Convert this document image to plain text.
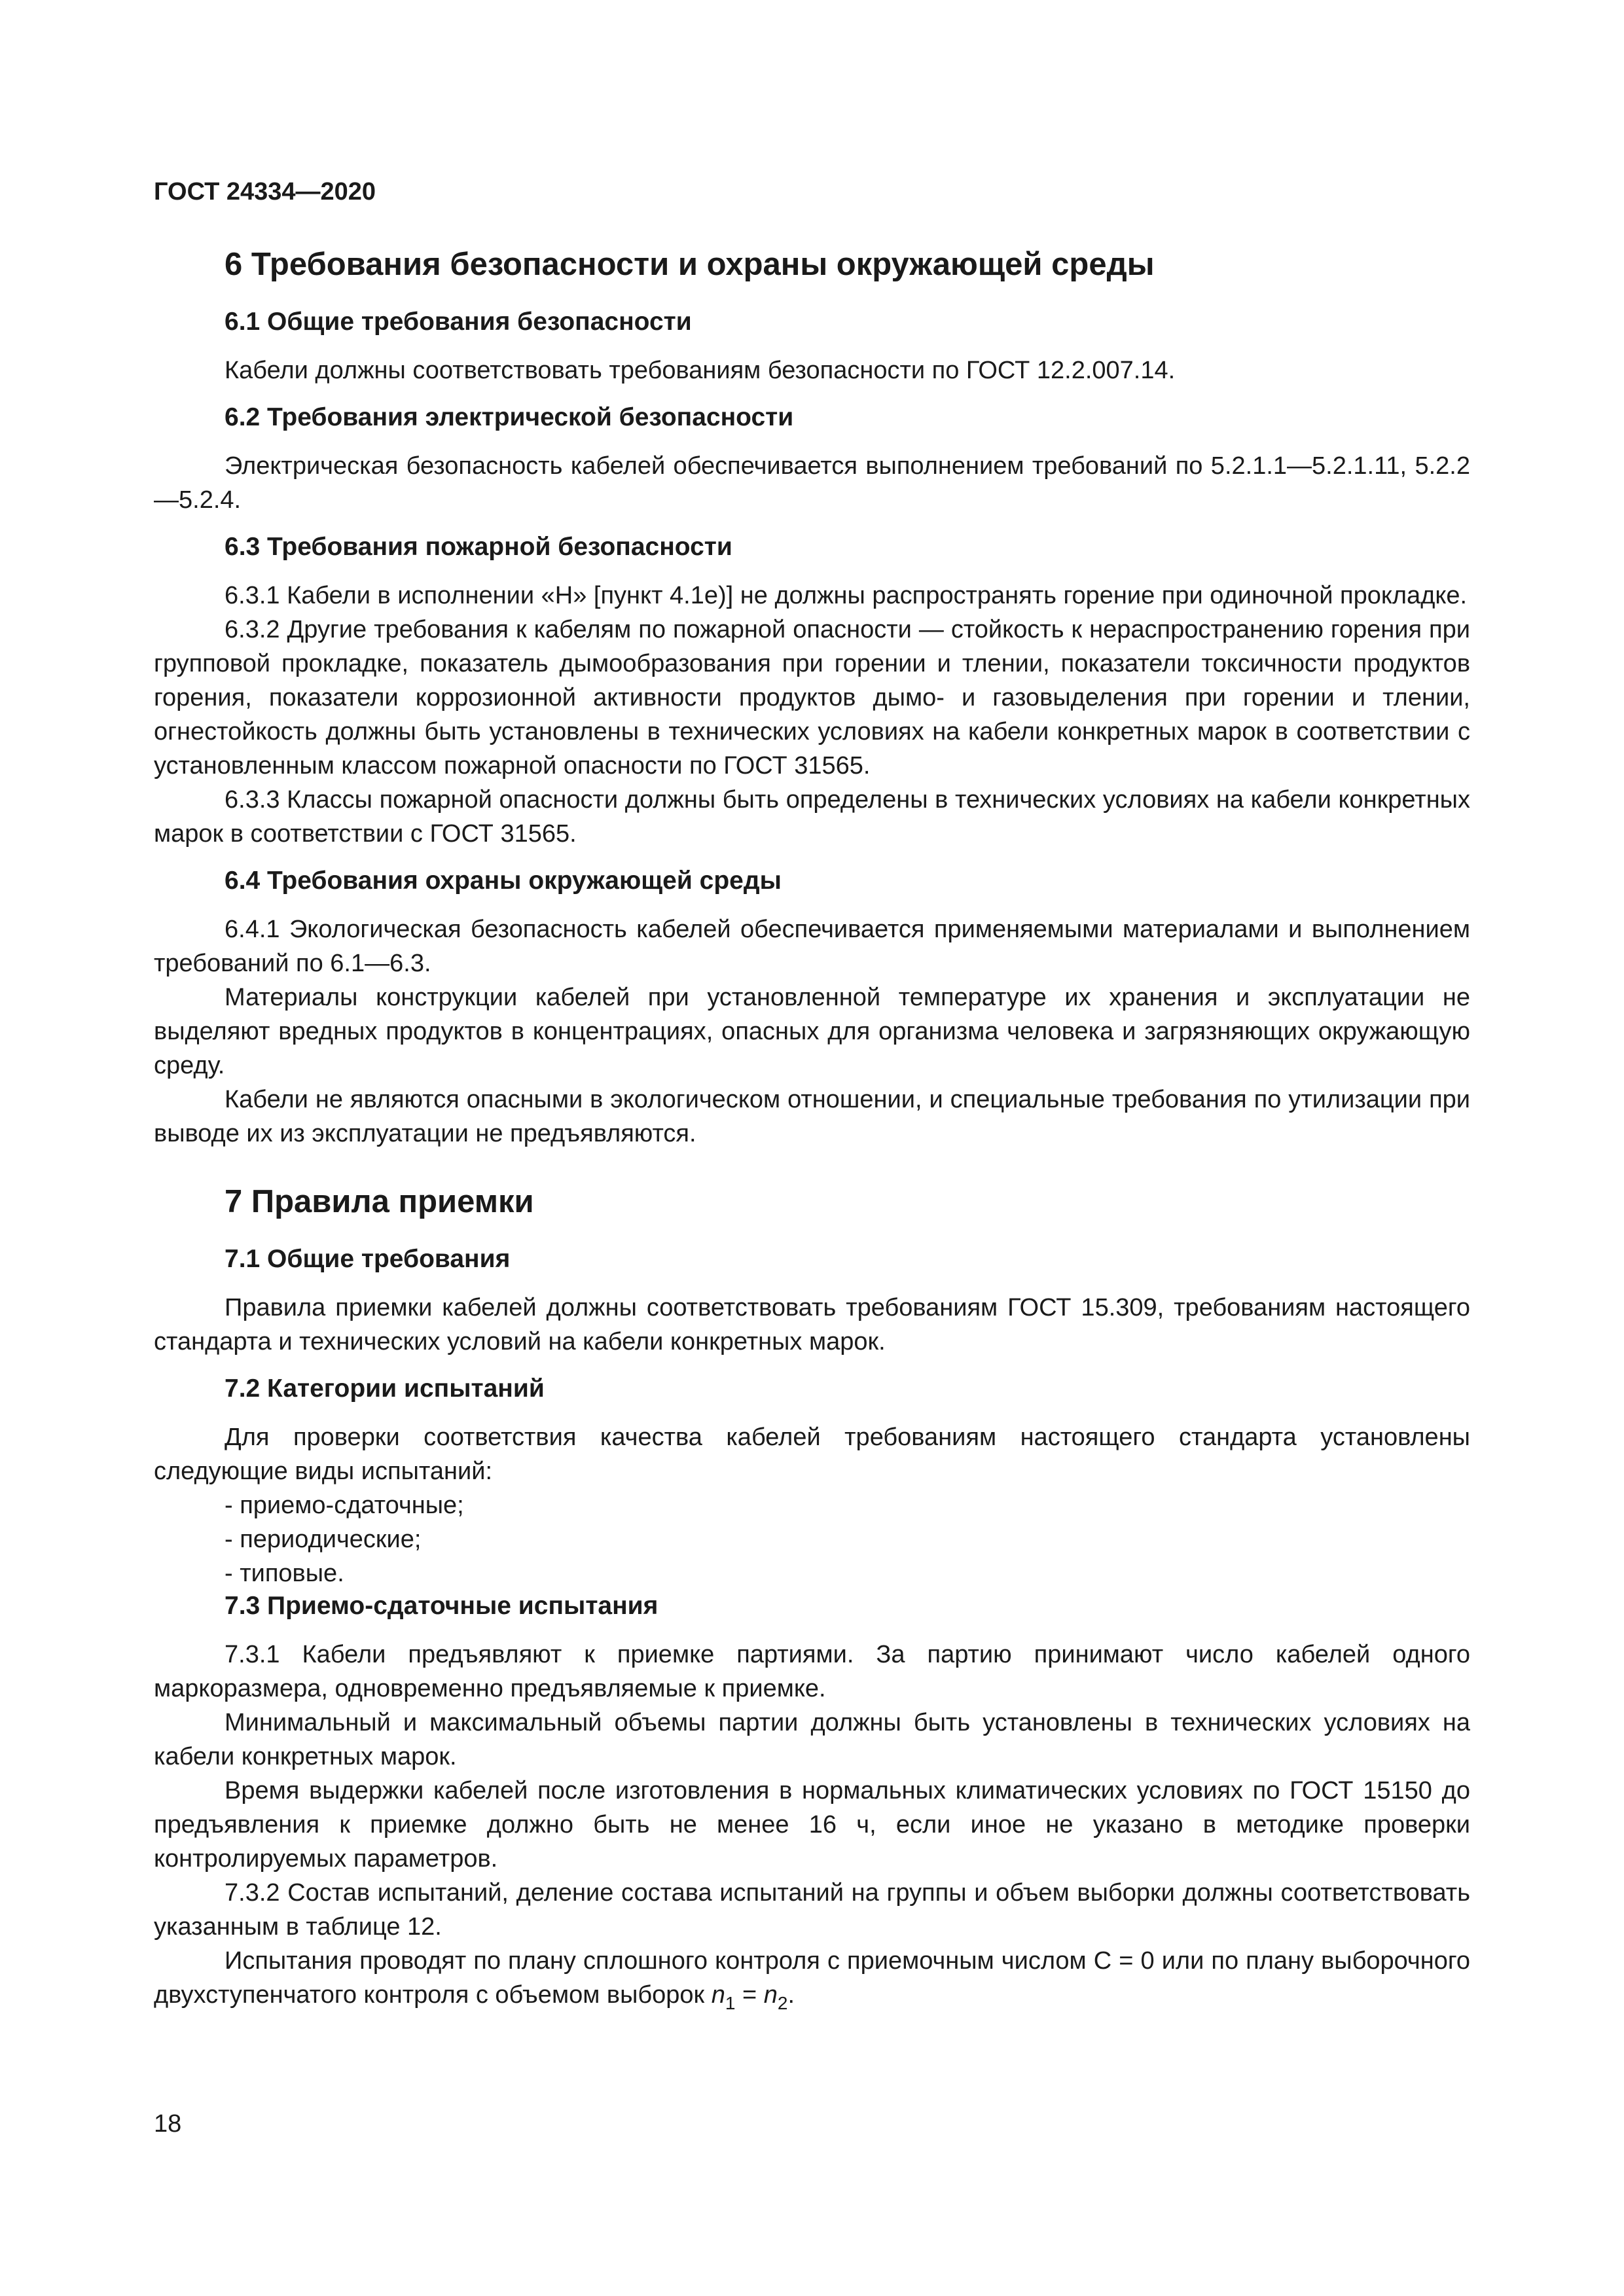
ГОСТ 24334—2020
6 Требования безопасности и охраны окружающей среды
6.1 Общие требования безопасности

Кабели должны соответствовать требованиям безопасности по ГОСТ 12.2.007.14.

6.2 Требования электрической безопасности

Электрическая безопасность кабелей обеспечивается выполнением требований по 5.2.1.1—5.2.1.11, 5.2.2—5.2.4.

6.3 Требования пожарной безопасности

6.3.1 Кабели в исполнении «Н» [пункт 4.1е)] не должны распространять горение при одиночной прокладке.

6.3.2 Другие требования к кабелям по пожарной опасности — стойкость к нераспространению горения при групповой прокладке, показатель дымообразования при горении и тлении, показатели токсичности продуктов горения, показатели коррозионной активности продуктов дымо- и газовыделения при горении и тлении, огнестойкость должны быть установлены в технических условиях на кабели конкретных марок в соответствии с установленным классом пожарной опасности по ГОСТ 31565.

6.3.3 Классы пожарной опасности должны быть определены в технических условиях на кабели конкретных марок в соответствии с ГОСТ 31565.

6.4 Требования охраны окружающей среды

6.4.1 Экологическая безопасность кабелей обеспечивается применяемыми материалами и выполнением требований по 6.1—6.3.

Материалы конструкции кабелей при установленной температуре их хранения и эксплуатации не выделяют вредных продуктов в концентрациях, опасных для организма человека и загрязняющих окружающую среду.

Кабели не являются опасными в экологическом отношении, и специальные требования по утилизации при выводе их из эксплуатации не предъявляются.

7 Правила приемки
7.1 Общие требования

Правила приемки кабелей должны соответствовать требованиям ГОСТ 15.309, требованиям настоящего стандарта и технических условий на кабели конкретных марок.

7.2 Категории испытаний

Для проверки соответствия качества кабелей требованиям настоящего стандарта установлены следующие виды испытаний:

- приемо-сдаточные;
- периодические;
- типовые.
7.3 Приемо-сдаточные испытания

7.3.1 Кабели предъявляют к приемке партиями. За партию принимают число кабелей одного маркоразмера, одновременно предъявляемые к приемке.

Минимальный и максимальный объемы партии должны быть установлены в технических условиях на кабели конкретных марок.

Время выдержки кабелей после изготовления в нормальных климатических условиях по ГОСТ 15150 до предъявления к приемке должно быть не менее 16 ч, если иное не указано в методике проверки контролируемых параметров.

7.3.2 Состав испытаний, деление состава испытаний на группы и объем выборки должны соответствовать указанным в таблице 12.

Испытания проводят по плану сплошного контроля с приемочным числом С = 0 или по плану выборочного двухступенчатого контроля с объемом выборок $n_1 = n_2$.

18
